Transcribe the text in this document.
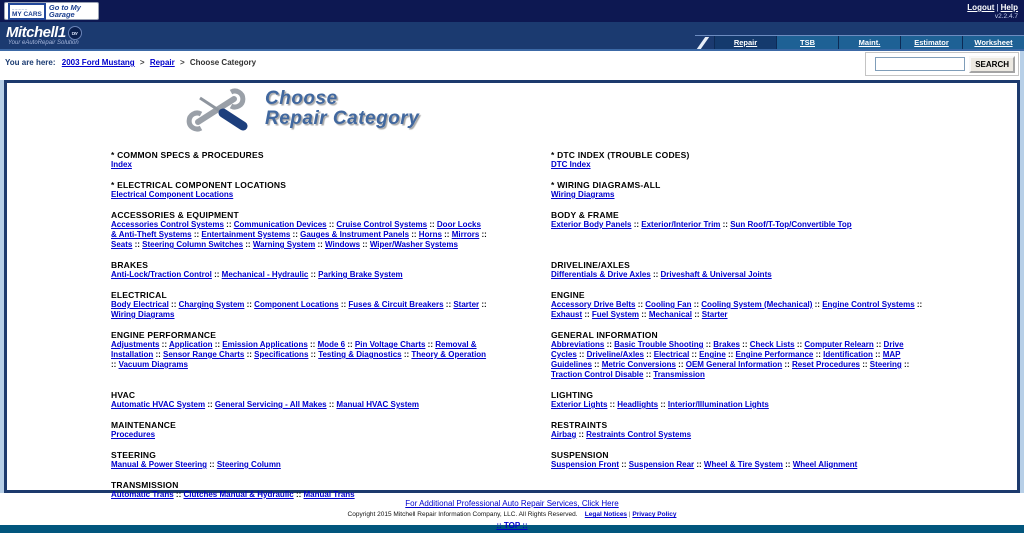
‒‒‒‒‒
MY CARS
Go to My Garage
Logout | Help
v2.2.4.7
Mitchell1 DIY
Your eAutoRepair Solution	Repair	TSB	Maint.	Estimator	Worksheet
You are here: 2003 Ford Mustang > Repair > Choose Category	SEARCH
Choose
Repair Category
* COMMON SPECS & PROCEDURES
Index

* DTC INDEX (TROUBLE CODES)
DTC Index

* ELECTRICAL COMPONENT LOCATIONS
Electrical Component Locations

* WIRING DIAGRAMS-ALL
Wiring Diagrams

ACCESSORIES & EQUIPMENT
Accessories Control Systems :: Communication Devices :: Cruise Control Systems :: Door Locks & Anti-Theft Systems :: Entertainment Systems :: Gauges & Instrument Panels :: Horns :: Mirrors :: Seats :: Steering Column Switches :: Warning System :: Windows :: Wiper/Washer Systems

BODY & FRAME
Exterior Body Panels :: Exterior/Interior Trim :: Sun Roof/T-Top/Convertible Top

BRAKES
Anti-Lock/Traction Control :: Mechanical - Hydraulic :: Parking Brake System

DRIVELINE/AXLES
Differentials & Drive Axles :: Driveshaft & Universal Joints

ELECTRICAL
Body Electrical :: Charging System :: Component Locations :: Fuses & Circuit Breakers :: Starter :: Wiring Diagrams

ENGINE
Accessory Drive Belts :: Cooling Fan :: Cooling System (Mechanical) :: Engine Control Systems :: Exhaust :: Fuel System :: Mechanical :: Starter

ENGINE PERFORMANCE
Adjustments :: Application :: Emission Applications :: Mode 6 :: Pin Voltage Charts :: Removal & Installation :: Sensor Range Charts :: Specifications :: Testing & Diagnostics :: Theory & Operation :: Vacuum Diagrams

GENERAL INFORMATION
Abbreviations :: Basic Trouble Shooting :: Brakes :: Check Lists :: Computer Relearn :: Drive Cycles :: Driveline/Axles :: Electrical :: Engine :: Engine Performance :: Identification :: MAP Guidelines :: Metric Conversions :: OEM General Information :: Reset Procedures :: Steering :: Traction Control Disable :: Transmission

HVAC
Automatic HVAC System :: General Servicing - All Makes :: Manual HVAC System

LIGHTING
Exterior Lights :: Headlights :: Interior/Illumination Lights

MAINTENANCE
Procedures

RESTRAINTS
Airbag :: Restraints Control Systems

STEERING
Manual & Power Steering :: Steering Column

SUSPENSION
Suspension Front :: Suspension Rear :: Wheel & Tire System :: Wheel Alignment

TRANSMISSION
Automatic Trans :: Clutches Manual & Hydraulic :: Manual Trans	

For Additional Professional Auto Repair Services, Click Here
Copyright 2015 Mitchell Repair Information Company, LLC. All Rights Reserved. Legal Notices | Privacy Policy
:: TOP ::
